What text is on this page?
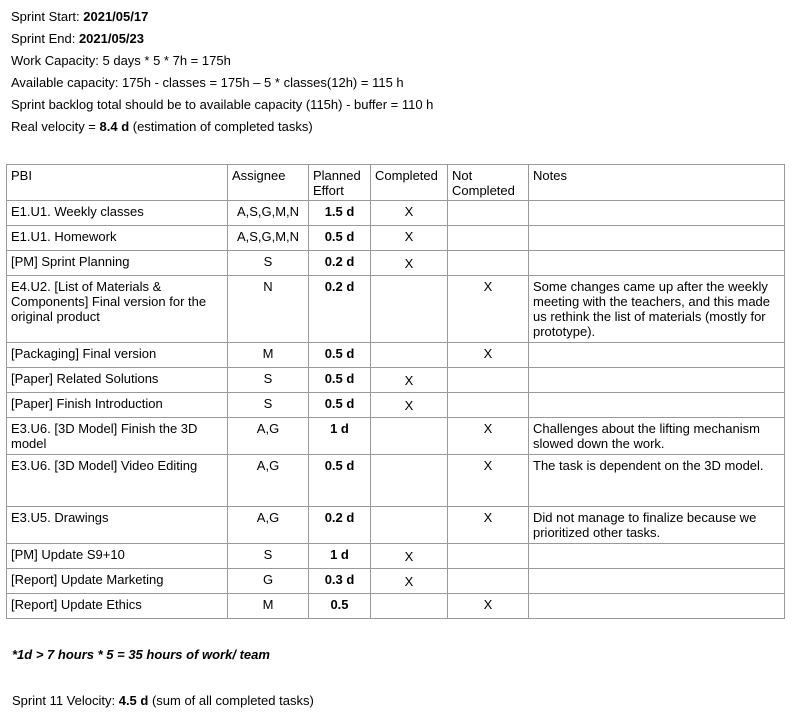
Sprint Start: 2021/05/17
Sprint End: 2021/05/23
Work Capacity: 5 days * 5 * 7h = 175h
Available capacity: 175h - classes = 175h – 5 * classes(12h) = 115 h
Sprint backlog total should be to available capacity (115h) - buffer = 110 h
Real velocity = 8.4 d (estimation of completed tasks)
PBI	Assignee	Planned Effort	Completed	Not Completed	Notes
E1.U1. Weekly classes	A,S,G,M,N	1.5 d	X		
E1.U1. Homework	A,S,G,M,N	0.5 d	X		
[PM] Sprint Planning	S	0.2 d	X		
E4.U2. [List of Materials & Components] Final version for the original product	N	0.2 d		X	Some changes came up after the weekly meeting with the teachers, and this made us rethink the list of materials (mostly for prototype).
[Packaging] Final version	M	0.5 d		X	
[Paper] Related Solutions	S	0.5 d	X		
[Paper] Finish Introduction	S	0.5 d	X		
E3.U6. [3D Model] Finish the 3D model	A,G	1 d		X	Challenges about the lifting mechanism slowed down the work.
E3.U6. [3D Model] Video Editing	A,G	0.5 d		X	The task is dependent on the 3D model.
E3.U5. Drawings	A,G	0.2 d		X	Did not manage to finalize because we prioritized other tasks.
[PM] Update S9+10	S	1 d	X		
[Report] Update Marketing	G	0.3 d	X		
[Report] Update Ethics	M	0.5		X	
*1d > 7 hours * 5 = 35 hours of work/ team
Sprint 11 Velocity: 4.5 d (sum of all completed tasks)
